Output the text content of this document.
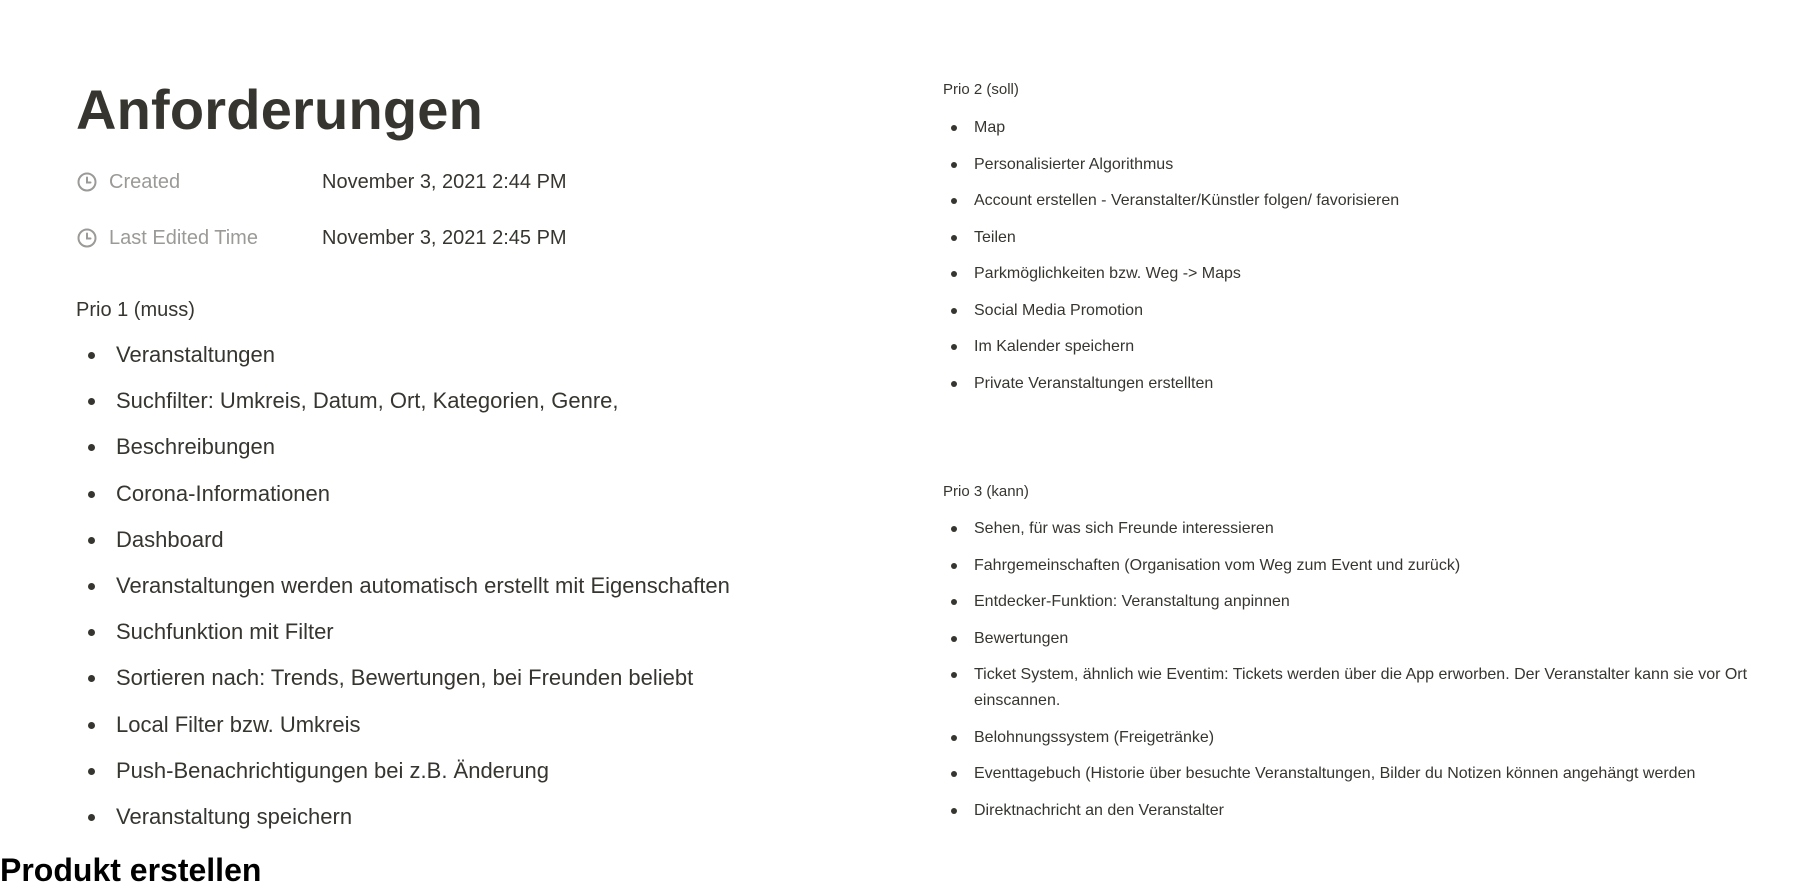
Anforderungen
Created	November 3, 2021 2:44 PM
Last Edited Time	November 3, 2021 2:45 PM
Prio 1 (muss)
Veranstaltungen
Suchfilter: Umkreis, Datum, Ort, Kategorien, Genre,
Beschreibungen
Corona-Informationen
Dashboard
Veranstaltungen werden automatisch erstellt mit Eigenschaften
Suchfunktion mit Filter
Sortieren nach: Trends, Bewertungen, bei Freunden beliebt
Local Filter bzw. Umkreis
Push-Benachrichtigungen bei z.B. Änderung
Veranstaltung speichern
Produkt erstellen
Prio 2 (soll)
Map
Personalisierter Algorithmus
Account erstellen - Veranstalter/Künstler folgen/ favorisieren
Teilen
Parkmöglichkeiten bzw. Weg -> Maps
Social Media Promotion
Im Kalender speichern
Private Veranstaltungen erstellten
Prio 3 (kann)
Sehen, für was sich Freunde interessieren
Fahrgemeinschaften (Organisation vom Weg zum Event und zurück)
Entdecker-Funktion: Veranstaltung anpinnen
Bewertungen
Ticket System, ähnlich wie Eventim: Tickets werden über die App erworben. Der Veranstalter kann sie vor Ort einscannen.
Belohnungssystem (Freigetränke)
Eventtagebuch (Historie über besuchte Veranstaltungen, Bilder du Notizen können angehängt werden
Direktnachricht an den Veranstalter
